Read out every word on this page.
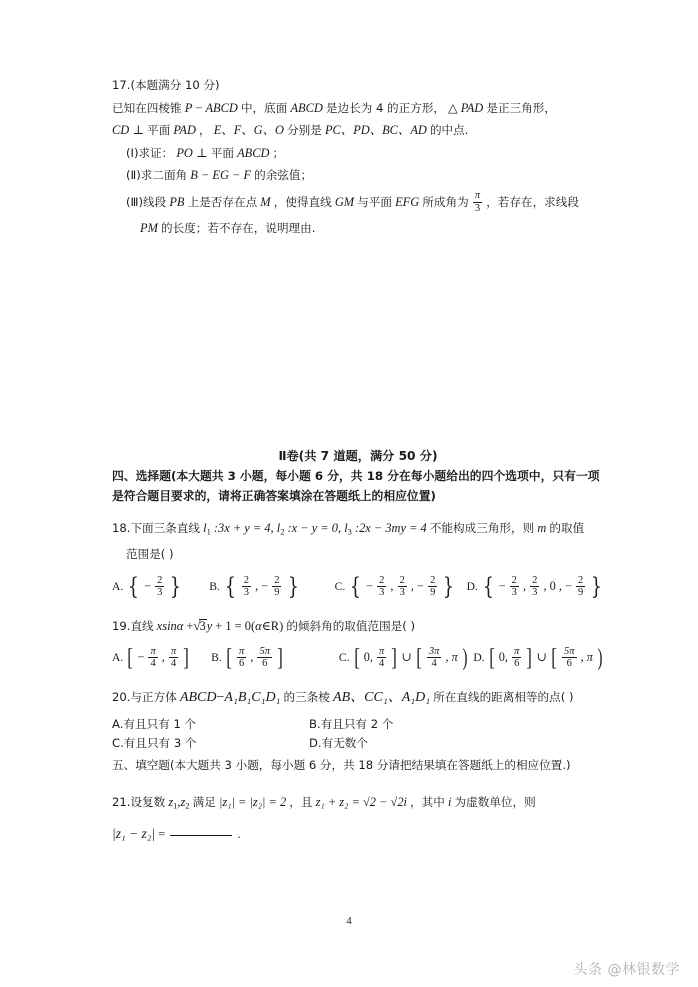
17.(本题满分 10 分)
已知在四棱锥 P − ABCD 中，底面 ABCD 是边长为 4 的正方形， △ PAD 是正三角形，
CD ⊥ 平面 PAD ， E、F、G、O 分别是 PC、PD、BC、AD 的中点.
(Ⅰ)求证： PO ⊥ 平面 ABCD ；
(Ⅱ)求二面角 B − EG − F 的余弦值；
(Ⅲ)线段 PB 上是否存在点 M ，使得直线 GM 与平面 EFG 所成角为 $\frac{\pi}{3}$ ，若存在，求线段
PM 的长度；若不存在，说明理由.
Ⅱ卷(共 7 道题，满分 50 分)
四、选择题(本大题共 3 小题，每小题 6 分，共 18 分在每小题给出的四个选项中，只有一项
是符合题目要求的，请将正确答案填涂在答题纸上的相应位置)
18.下面三条直线 $l_1$ :3x + y = 4, $l_2$ :x − y = 0, $l_3$ :2x − 3my = 4 不能构成三角形，则 m 的取值
范围是( )
A. { − $\frac{2}{3}$ }	B. { $\frac{2}{3}$ , − $\frac{2}{9}$ }	C. { − $\frac{2}{3}$ , $\frac{2}{3}$ , − $\frac{2}{9}$ }	D. { − $\frac{2}{3}$ , $\frac{2}{3}$ , 0 , − $\frac{2}{9}$ }
19.直线 xsinα +√3y + 1 = 0(α∈R) 的倾斜角的取值范围是( )
A. [ − $\frac{\pi}{4}$ , $\frac{\pi}{4}$ ]	B. [ $\frac{\pi}{6}$ , $\frac{5\pi}{6}$ ]	C. [ 0, $\frac{\pi}{4}$ ] ∪ [ $\frac{3\pi}{4}$ , π ) D. [ 0, $\frac{\pi}{6}$ ] ∪ [ $\frac{5\pi}{6}$ , π )
20.与正方体 ABCD−A₁B₁C₁D₁ 的三条棱 AB、CC₁、A₁D₁ 所在直线的距离相等的点( )
A.有且只有 1 个	B.有且只有 2 个
C.有且只有 3 个	D.有无数个
五、填空题(本大题共 3 小题，每小题 6 分，共 18 分请把结果填在答题纸上的相应位置.)
21.设复数 $z_1,z_2$ 满足 |z₁| = |z₂| = 2 ，且 z₁ + z₂ = √2 − √2i ，其中 i 为虚数单位，则
|z₁ − z₂| =	.
4
头条 @林银数学
